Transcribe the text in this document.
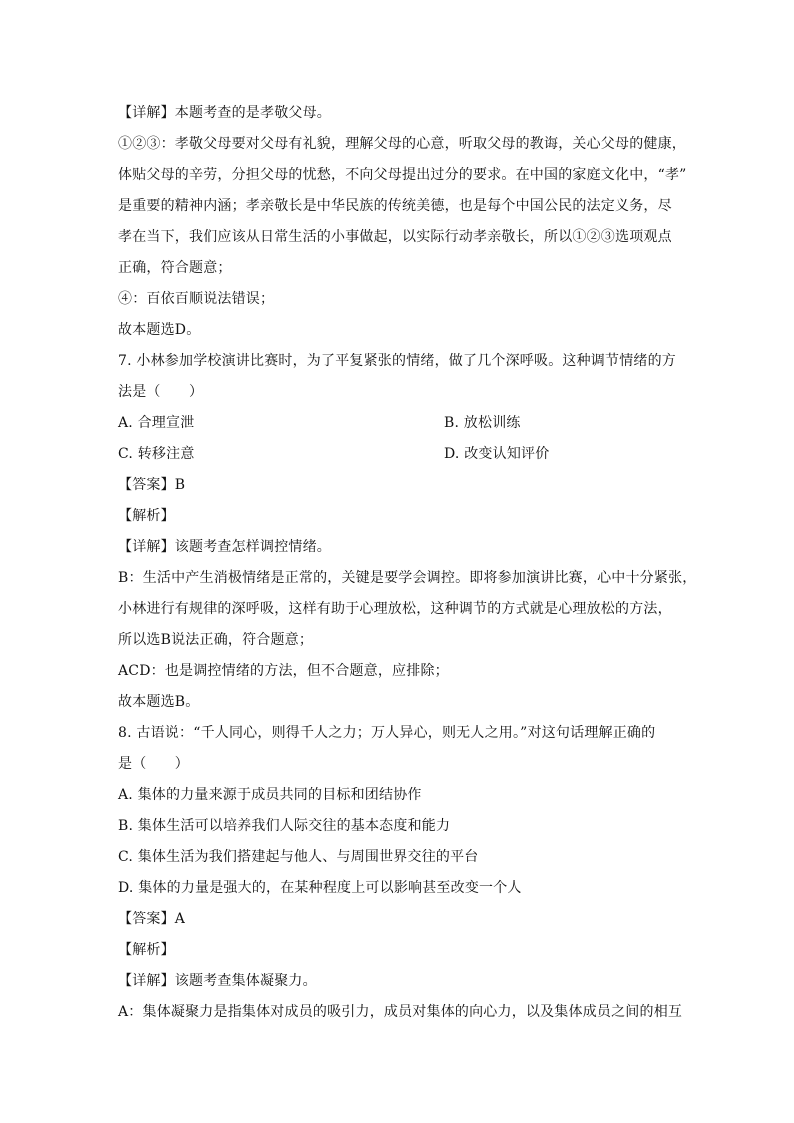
【详解】本题考查的是孝敬父母。

①②③：孝敬父母要对父母有礼貌，理解父母的心意，听取父母的教诲，关心父母的健康，

体贴父母的辛劳，分担父母的忧愁，不向父母提出过分的要求。在中国的家庭文化中，“孝”

是重要的精神内涵；孝亲敬长是中华民族的传统美德，也是每个中国公民的法定义务，尽

孝在当下，我们应该从日常生活的小事做起，以实际行动孝亲敬长，所以①②③选项观点

正确，符合题意；

④：百依百顺说法错误；

故本题选D。

7. 小林参加学校演讲比赛时，为了平复紧张的情绪，做了几个深呼吸。这种调节情绪的方

法是（　　）

A. 合理宣泄	B. 放松训练
C. 转移注意	D. 改变认知评价

【答案】B

【解析】

【详解】该题考查怎样调控情绪。

B：生活中产生消极情绪是正常的，关键是要学会调控。即将参加演讲比赛，心中十分紧张，

小林进行有规律的深呼吸，这样有助于心理放松，这种调节的方式就是心理放松的方法，

所以选B说法正确，符合题意；

ACD：也是调控情绪的方法，但不合题意，应排除；

故本题选B。

8. 古语说：“千人同心，则得千人之力；万人异心，则无人之用。”对这句话理解正确的

是（　　）

A. 集体的力量来源于成员共同的目标和团结协作

B. 集体生活可以培养我们人际交往的基本态度和能力

C. 集体生活为我们搭建起与他人、与周围世界交往的平台

D. 集体的力量是强大的，在某种程度上可以影响甚至改变一个人

【答案】A

【解析】

【详解】该题考查集体凝聚力。

A：集体凝聚力是指集体对成员的吸引力，成员对集体的向心力，以及集体成员之间的相互
